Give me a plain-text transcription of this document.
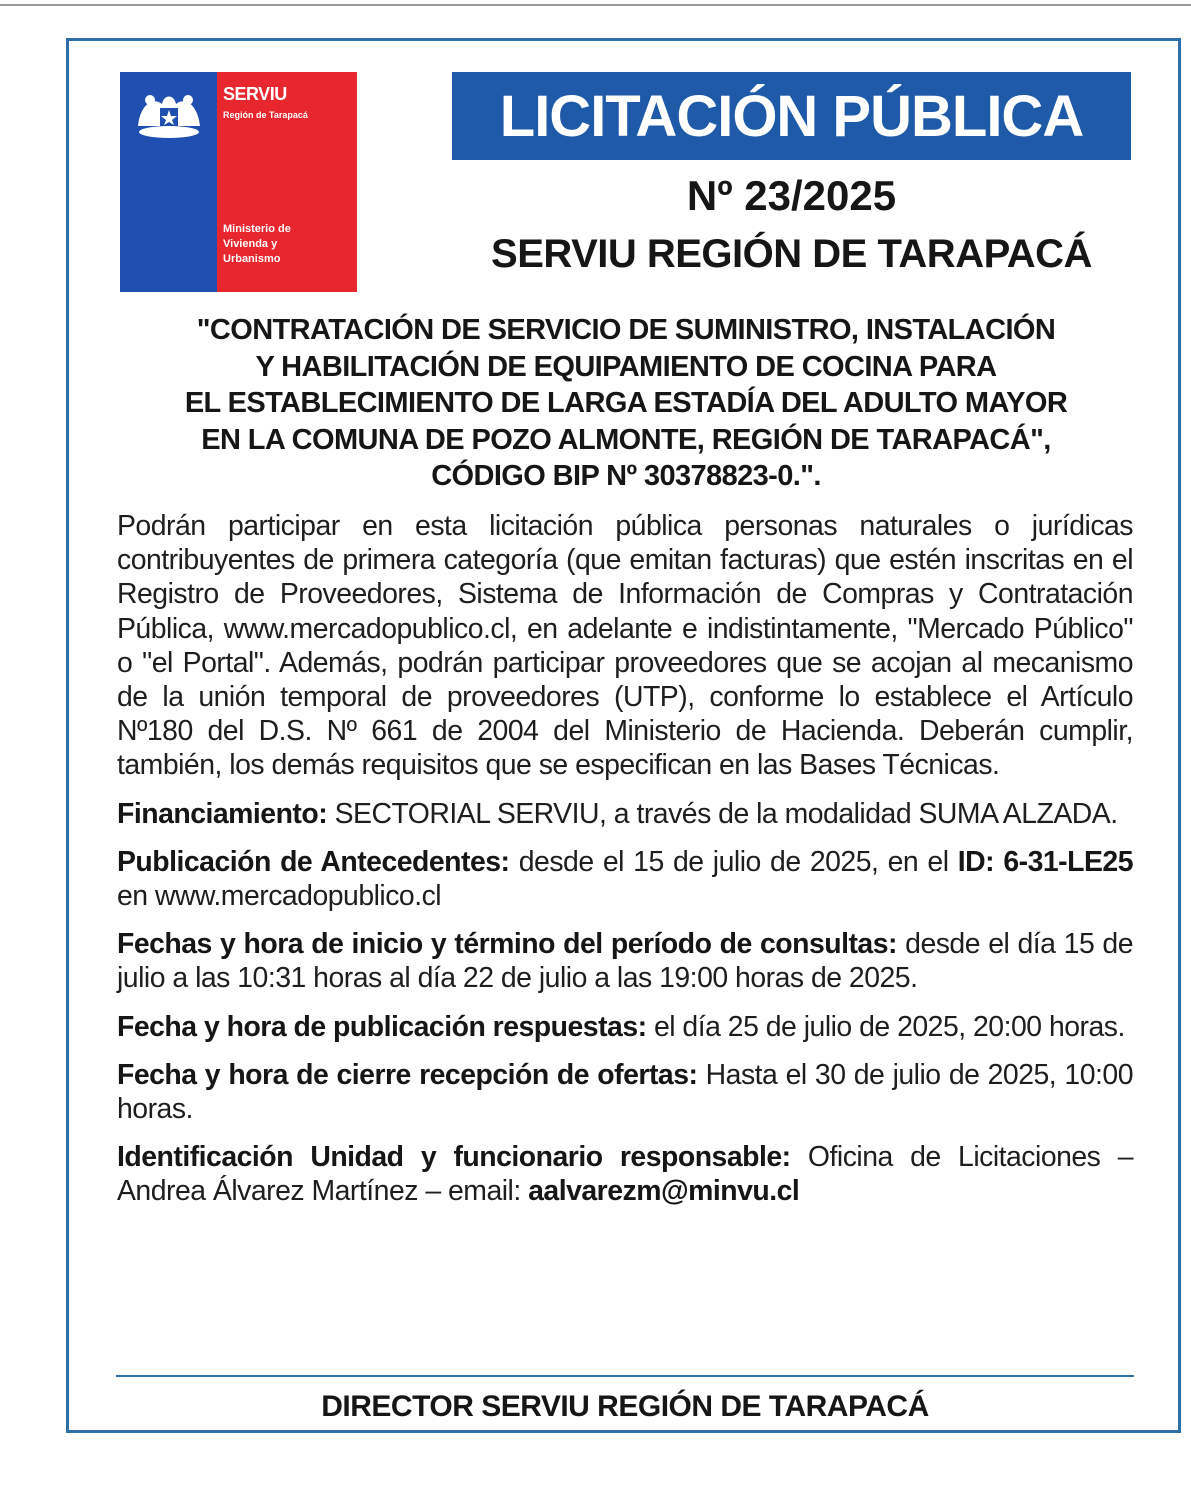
SERVIU
Región de Tarapacá
Ministerio de
Vivienda y
Urbanismo
LICITACIÓN PÚBLICA
Nº 23/2025
SERVIU REGIÓN DE TARAPACÁ
"CONTRATACIÓN DE SERVICIO DE SUMINISTRO, INSTALACIÓN
Y HABILITACIÓN DE EQUIPAMIENTO DE COCINA PARA
EL ESTABLECIMIENTO DE LARGA ESTADÍA DEL ADULTO MAYOR
EN LA COMUNA DE POZO ALMONTE, REGIÓN DE TARAPACÁ",
CÓDIGO BIP Nº 30378823-0.".

Podrán participar en esta licitación pública personas naturales o jurídicas contribuyentes de primera categoría (que emitan facturas) que estén inscritas en el Registro de Proveedores, Sistema de Información de Compras y Contratación Pública, www.mercadopublico.cl, en adelante e indistintamente, "Mercado Público" o "el Portal". Además, podrán participar proveedores que se acojan al mecanismo de la unión temporal de proveedores (UTP), conforme lo establece el Artículo Nº180 del D.S. Nº 661 de 2004 del Ministerio de Hacienda. Deberán cumplir, también, los demás requisitos que se especifican en las Bases Técnicas.

Financiamiento: SECTORIAL SERVIU, a través de la modalidad SUMA ALZADA.

Publicación de Antecedentes: desde el 15 de julio de 2025, en el ID: 6-31-LE25 en www.mercadopublico.cl

Fechas y hora de inicio y término del período de consultas: desde el día 15 de julio a las 10:31 horas al día 22 de julio a las 19:00 horas de 2025.

Fecha y hora de publicación respuestas: el día 25 de julio de 2025, 20:00 horas.

Fecha y hora de cierre recepción de ofertas: Hasta el 30 de julio de 2025, 10:00 horas.

Identificación Unidad y funcionario responsable: Oficina de Licitaciones – Andrea Álvarez Martínez – email: aalvarezm@minvu.cl

DIRECTOR SERVIU REGIÓN DE TARAPACÁ
